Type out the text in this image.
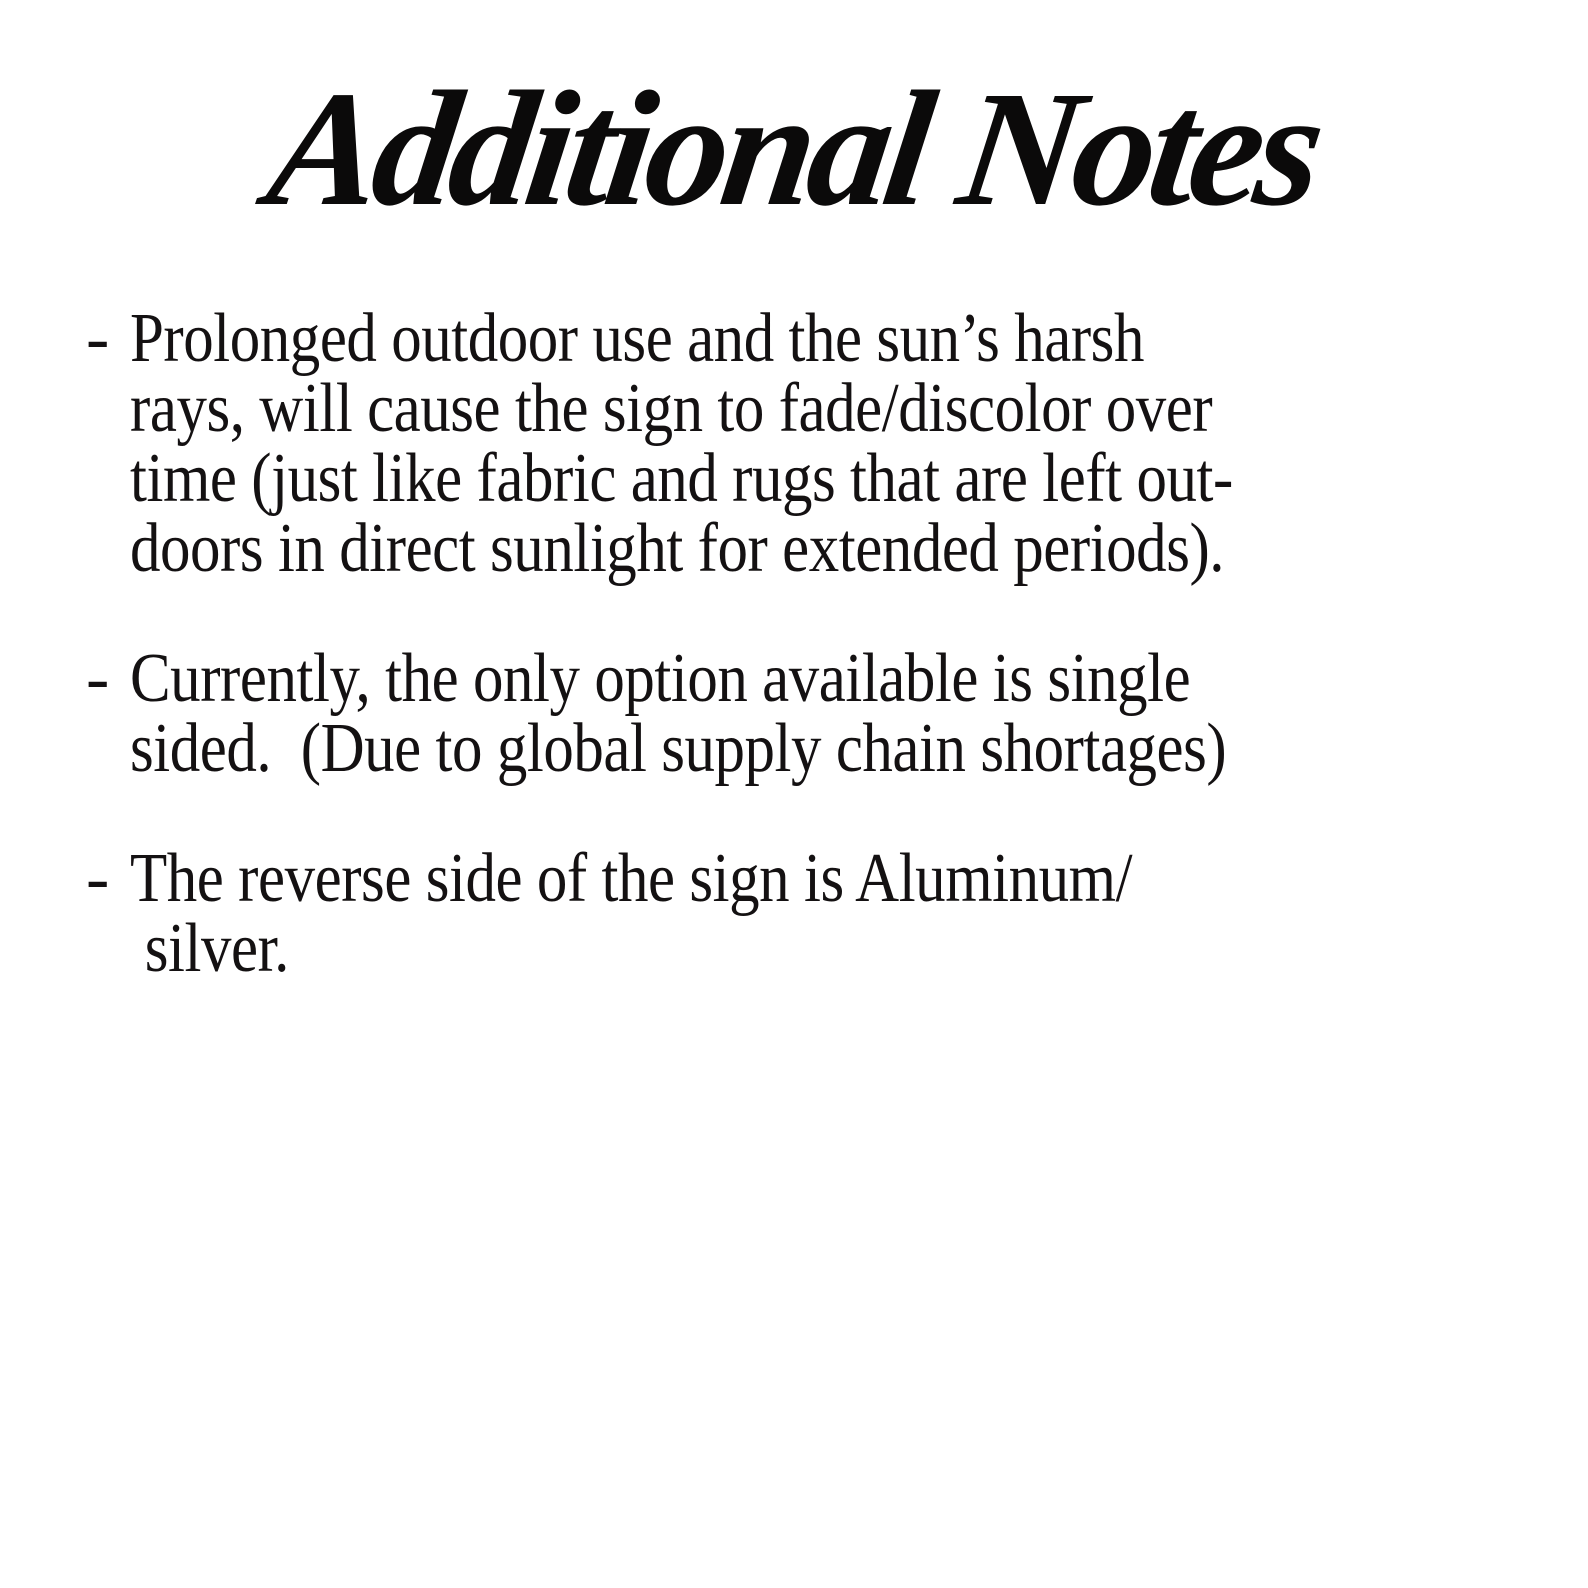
Additional Notes
- Prolonged outdoor use and the sun’s harsh
rays, will cause the sign to fade/discolor over
time (just like fabric and rugs that are left out-
doors in direct sunlight for extended periods).
- Currently, the only option available is single
sided.  (Due to global supply chain shortages)
- The reverse side of the sign is Aluminum/
silver.
